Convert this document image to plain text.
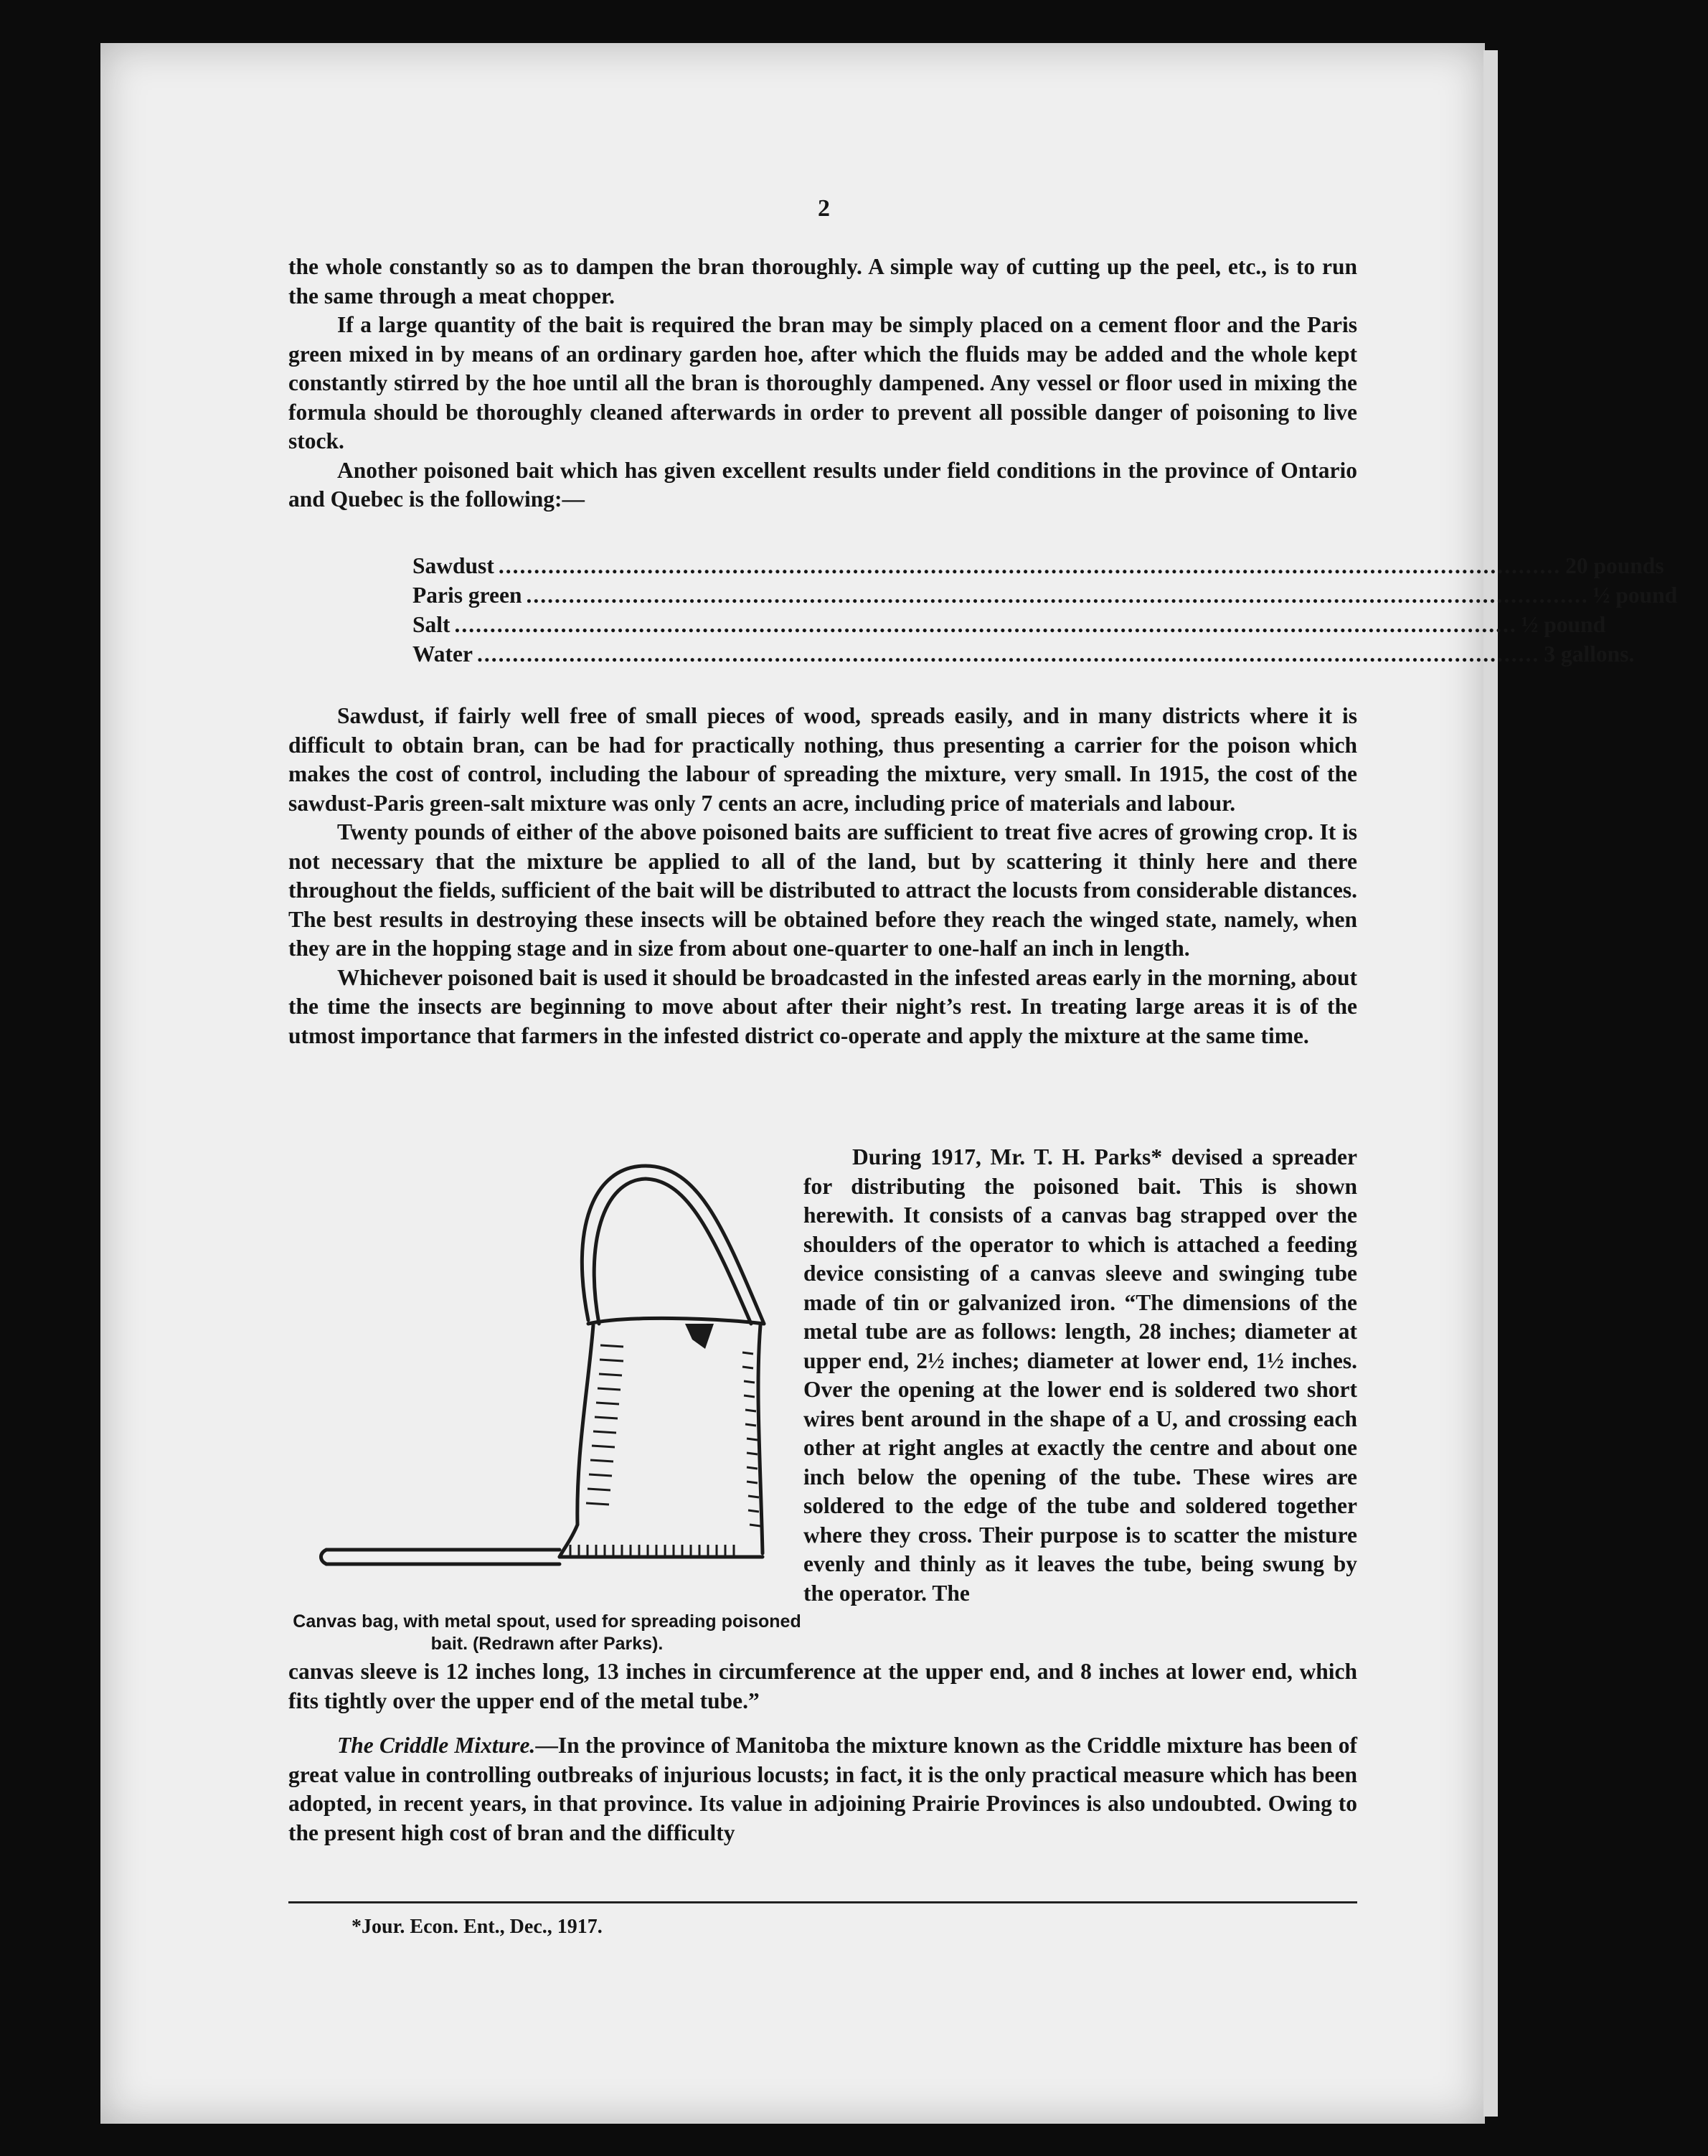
2

the whole constantly so as to dampen the bran thoroughly. A simple way of cutting up the peel, etc., is to run the same through a meat chopper.

If a large quantity of the bait is required the bran may be simply placed on a cement floor and the Paris green mixed in by means of an ordinary garden hoe, after which the fluids may be added and the whole kept constantly stirred by the hoe until all the bran is thoroughly dampened. Any vessel or floor used in mixing the formula should be thoroughly cleaned afterwards in order to prevent all possible danger of poisoning to live stock.

Another poisoned bait which has given excellent results under field conditions in the province of Ontario and Quebec is the following:—

Sawdust ...................................................................................................................................................... 20 pounds
Paris green ...................................................................................................................................................... ½ pound
Salt ...................................................................................................................................................... ½ pound
Water ...................................................................................................................................................... 3 gallons.

Sawdust, if fairly well free of small pieces of wood, spreads easily, and in many districts where it is difficult to obtain bran, can be had for practically nothing, thus presenting a carrier for the poison which makes the cost of control, including the labour of spreading the mixture, very small. In 1915, the cost of the sawdust-Paris green-salt mixture was only 7 cents an acre, including price of materials and labour.

Twenty pounds of either of the above poisoned baits are sufficient to treat five acres of growing crop. It is not necessary that the mixture be applied to all of the land, but by scattering it thinly here and there throughout the fields, sufficient of the bait will be distributed to attract the locusts from considerable distances. The best results in destroying these insects will be obtained before they reach the winged state, namely, when they are in the hopping stage and in size from about one-quarter to one-half an inch in length.

Whichever poisoned bait is used it should be broadcasted in the infested areas early in the morning, about the time the insects are beginning to move about after their night’s rest. In treating large areas it is of the utmost importance that farmers in the infested district co-operate and apply the mixture at the same time.

Canvas bag, with metal spout, used for spreading poisoned bait. (Redrawn after Parks).

During 1917, Mr. T. H. Parks* devised a spreader for distributing the poisoned bait. This is shown herewith. It consists of a canvas bag strapped over the shoulders of the operator to which is attached a feeding device consisting of a canvas sleeve and swinging tube made of tin or galvanized iron. “The dimensions of the metal tube are as follows: length, 28 inches; diameter at upper end, 2½ inches; diameter at lower end, 1½ inches. Over the opening at the lower end is soldered two short wires bent around in the shape of a U, and crossing each other at right angles at exactly the centre and about one inch below the opening of the tube. These wires are soldered to the edge of the tube and soldered together where they cross. Their purpose is to scatter the misture evenly and thinly as it leaves the tube, being swung by the operator. The

canvas sleeve is 12 inches long, 13 inches in circumference at the upper end, and 8 inches at lower end, which fits tightly over the upper end of the metal tube.”

The Criddle Mixture.—In the province of Manitoba the mixture known as the Criddle mixture has been of great value in controlling outbreaks of injurious locusts; in fact, it is the only practical measure which has been adopted, in recent years, in that province. Its value in adjoining Prairie Provinces is also undoubted. Owing to the present high cost of bran and the difficulty

*Jour. Econ. Ent., Dec., 1917.
